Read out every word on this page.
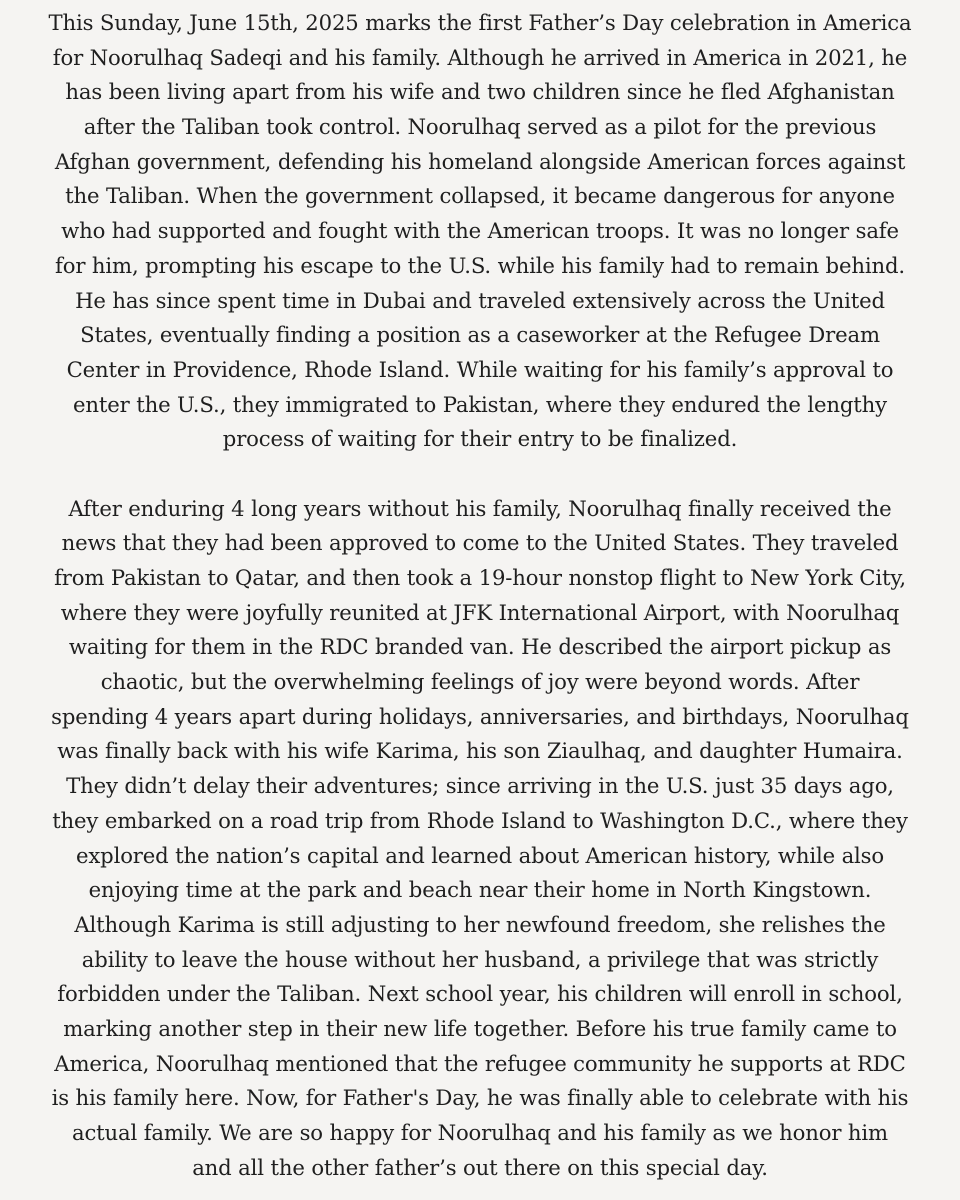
This Sunday, June 15th, 2025 marks the first Father’s Day celebration in America
for Noorulhaq Sadeqi and his family. Although he arrived in America in 2021, he
has been living apart from his wife and two children since he fled Afghanistan
after the Taliban took control. Noorulhaq served as a pilot for the previous
Afghan government, defending his homeland alongside American forces against
the Taliban. When the government collapsed, it became dangerous for anyone
who had supported and fought with the American troops. It was no longer safe
for him, prompting his escape to the U.S. while his family had to remain behind.
He has since spent time in Dubai and traveled extensively across the United
States, eventually finding a position as a caseworker at the Refugee Dream
Center in Providence, Rhode Island. While waiting for his family’s approval to
enter the U.S., they immigrated to Pakistan, where they endured the lengthy
process of waiting for their entry to be finalized.
After enduring 4 long years without his family, Noorulhaq finally received the
news that they had been approved to come to the United States. They traveled
from Pakistan to Qatar, and then took a 19-hour nonstop flight to New York City,
where they were joyfully reunited at JFK International Airport, with Noorulhaq
waiting for them in the RDC branded van. He described the airport pickup as
chaotic, but the overwhelming feelings of joy were beyond words. After
spending 4 years apart during holidays, anniversaries, and birthdays, Noorulhaq
was finally back with his wife Karima, his son Ziaulhaq, and daughter Humaira.
They didn’t delay their adventures; since arriving in the U.S. just 35 days ago,
they embarked on a road trip from Rhode Island to Washington D.C., where they
explored the nation’s capital and learned about American history, while also
enjoying time at the park and beach near their home in North Kingstown.
Although Karima is still adjusting to her newfound freedom, she relishes the
ability to leave the house without her husband, a privilege that was strictly
forbidden under the Taliban. Next school year, his children will enroll in school,
marking another step in their new life together. Before his true family came to
America, Noorulhaq mentioned that the refugee community he supports at RDC
is his family here. Now, for Father's Day, he was finally able to celebrate with his
actual family. We are so happy for Noorulhaq and his family as we honor him
and all the other father’s out there on this special day.
